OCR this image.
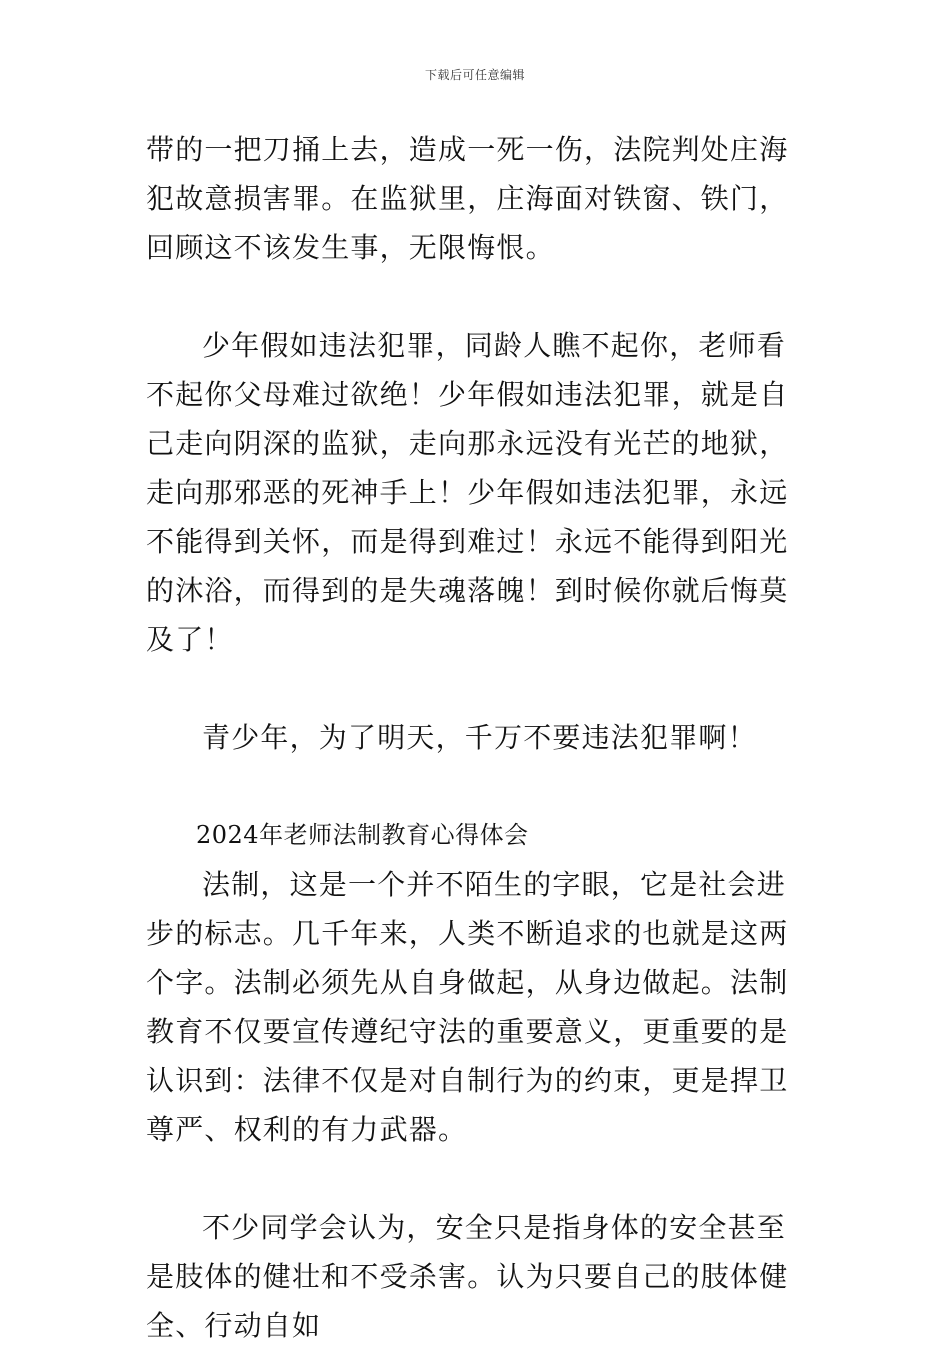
下载后可任意编辑

带的一把刀捅上去，造成一死一伤，法院判处庄海犯故意损害罪。在监狱里，庄海面对铁窗、铁门，回顾这不该发生事，无限悔恨。

少年假如违法犯罪，同龄人瞧不起你，老师看不起你父母难过欲绝！少年假如违法犯罪，就是自己走向阴深的监狱，走向那永远没有光芒的地狱，走向那邪恶的死神手上！少年假如违法犯罪，永远不能得到关怀，而是得到难过！永远不能得到阳光的沐浴，而得到的是失魂落魄！到时候你就后悔莫及了！

青少年，为了明天，千万不要违法犯罪啊！

2024年老师法制教育心得体会

法制，这是一个并不陌生的字眼，它是社会进步的标志。几千年来，人类不断追求的也就是这两个字。法制必须先从自身做起，从身边做起。法制教育不仅要宣传遵纪守法的重要意义，更重要的是认识到：法律不仅是对自制行为的约束，更是捍卫尊严、权利的有力武器。

不少同学会认为，安全只是指身体的安全甚至是肢体的健壮和不受杀害。认为只要自己的肢体健全、行动自如
